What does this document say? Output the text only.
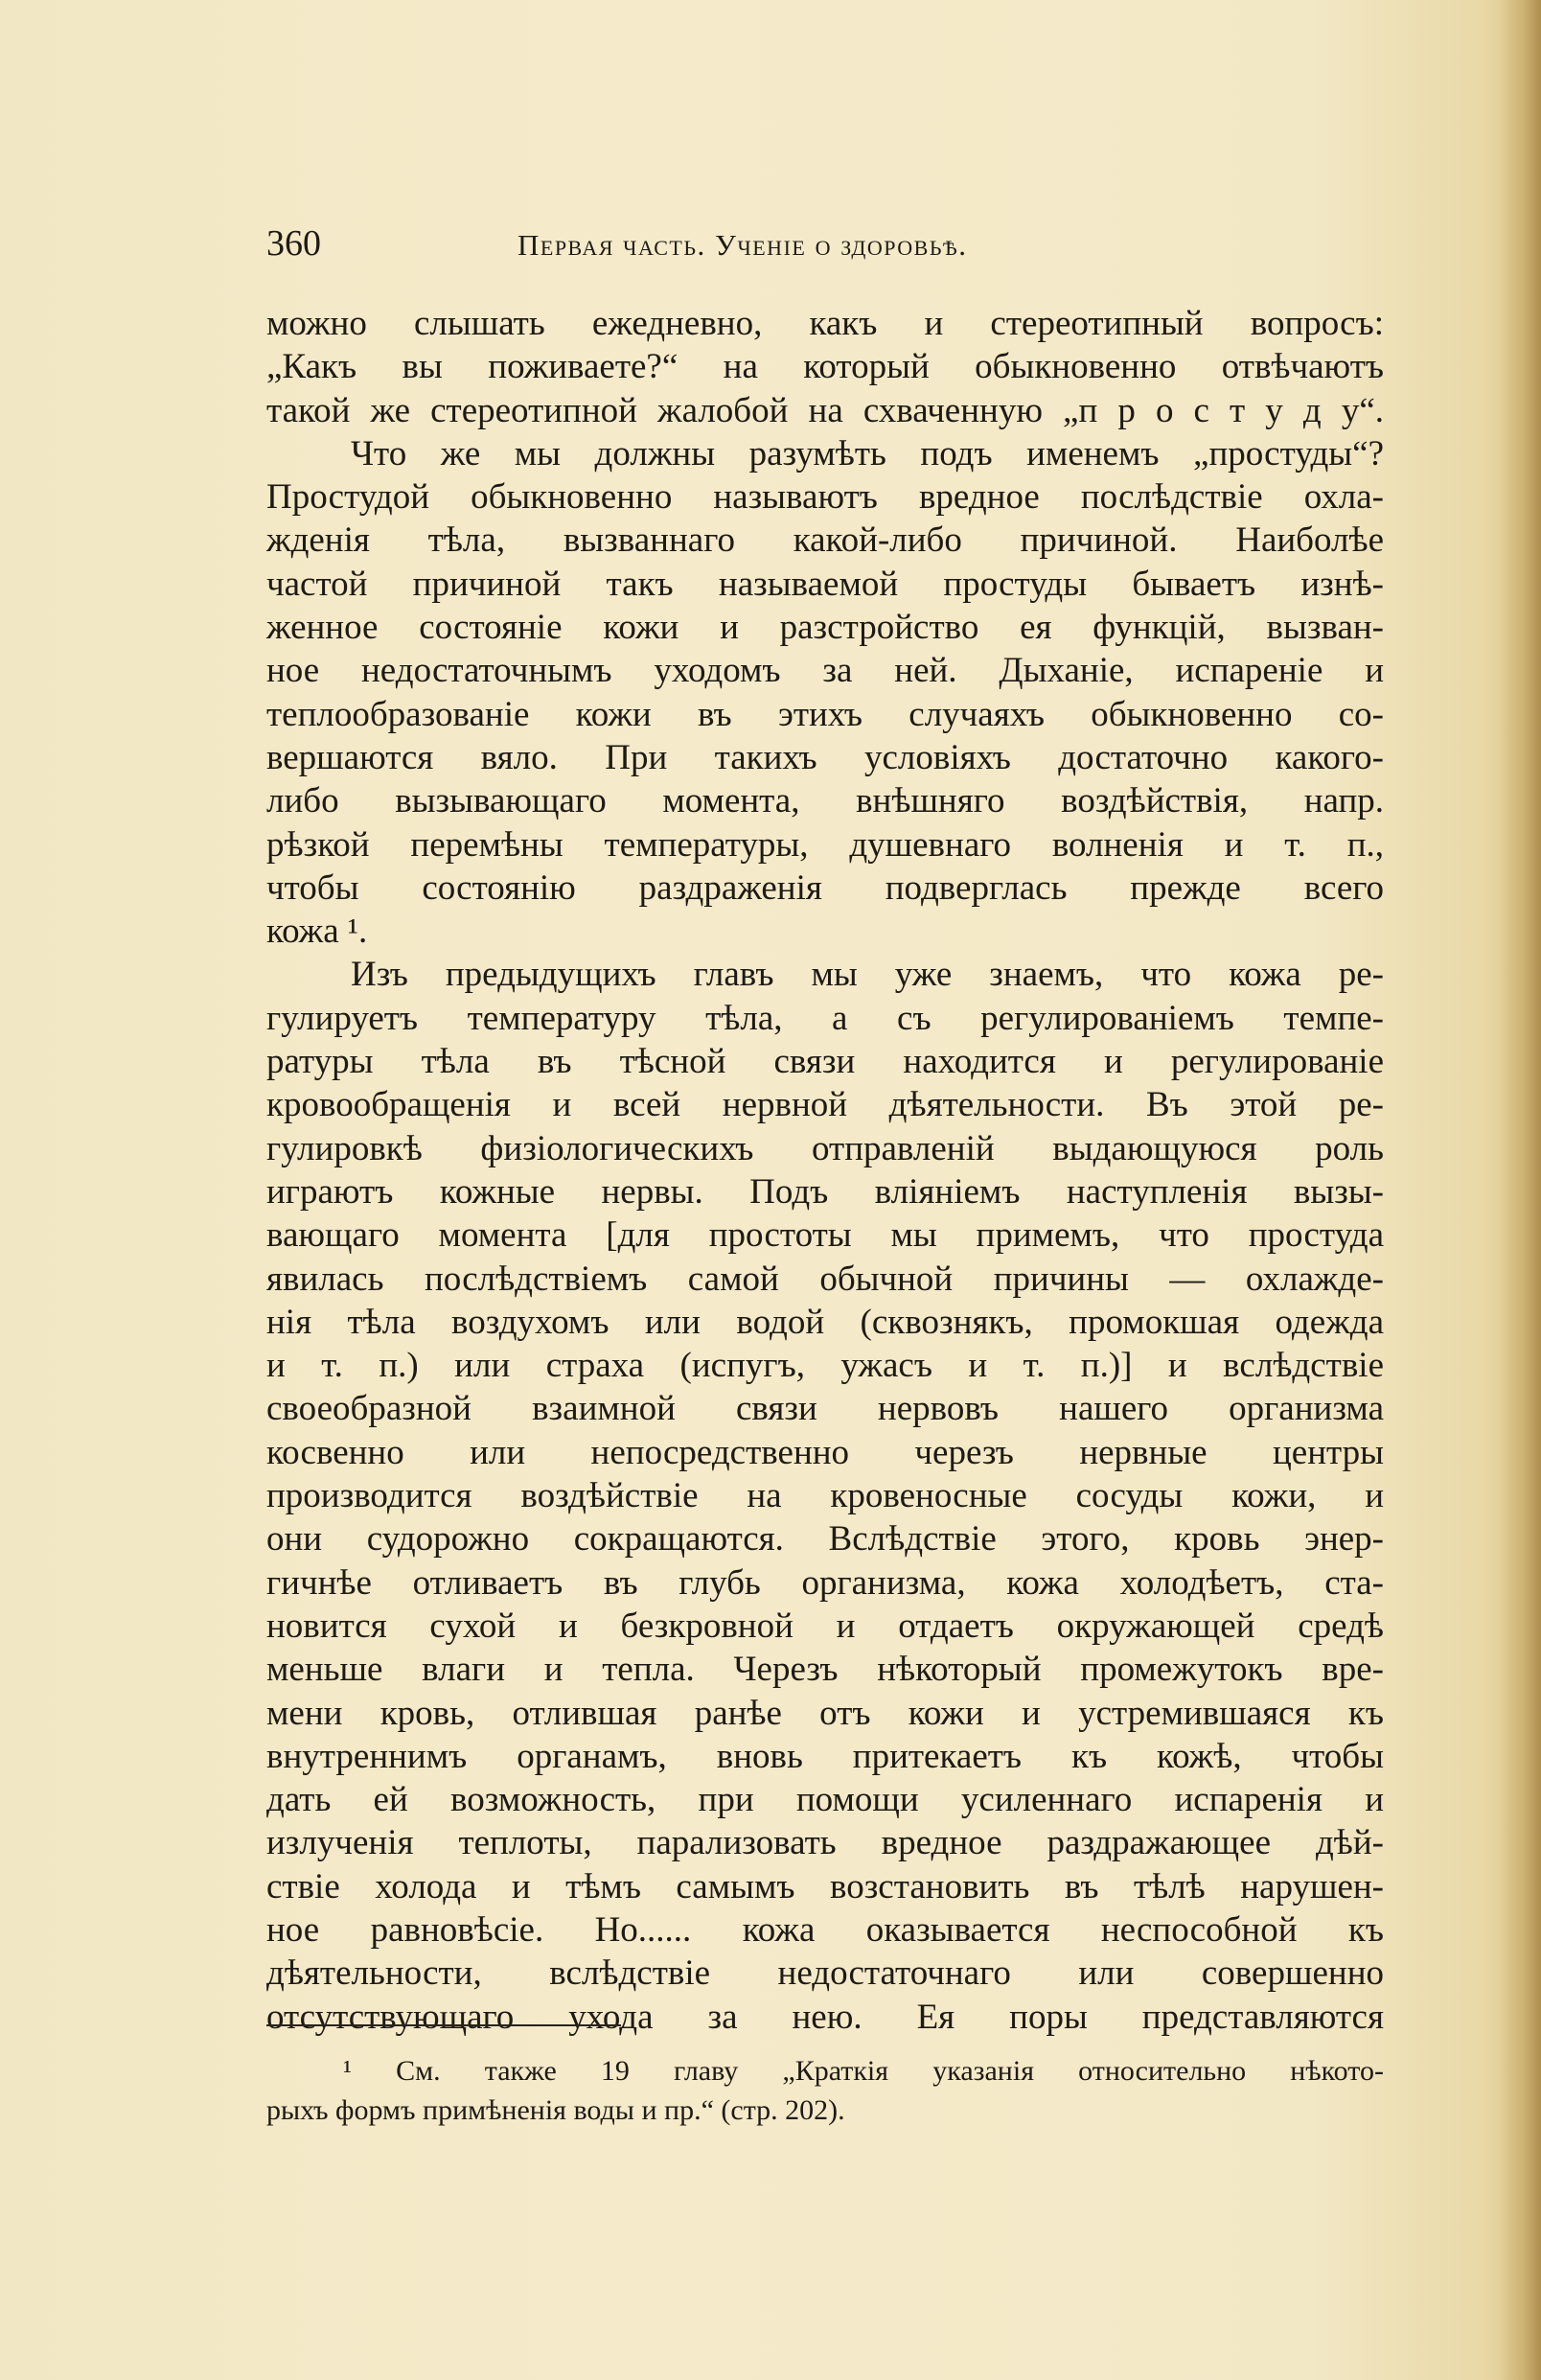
360	Первая часть. Ученіе о здоровьѣ.
можно слышать ежедневно, какъ и стереотипный вопросъ:
„Какъ вы поживаете?“ на который обыкновенно отвѣчаютъ
такой же стереотипной жалобой на схваченную „п р о с т у д у“.
Что же мы должны разумѣть подъ именемъ „простуды“?
Простудой обыкновенно называютъ вредное послѣдствіе охла-
жденія тѣла, вызваннаго какой-либо причиной. Наиболѣе
частой причиной такъ называемой простуды бываетъ изнѣ-
женное состояніе кожи и разстройство ея функцій, вызван-
ное недостаточнымъ уходомъ за ней. Дыханіе, испареніе и
теплообразованіе кожи въ этихъ случаяхъ обыкновенно со-
вершаются вяло. При такихъ условіяхъ достаточно какого-
либо вызывающаго момента, внѣшняго воздѣйствія, напр.
рѣзкой перемѣны температуры, душевнаго волненія и т. п.,
чтобы состоянію раздраженія подверглась прежде всего
кожа ¹.
Изъ предыдущихъ главъ мы уже знаемъ, что кожа ре-
гулируетъ температуру тѣла, а съ регулированіемъ темпе-
ратуры тѣла въ тѣсной связи находится и регулированіе
кровообращенія и всей нервной дѣятельности. Въ этой ре-
гулировкѣ физіологическихъ отправленій выдающуюся роль
играютъ кожные нервы. Подъ вліяніемъ наступленія вызы-
вающаго момента [для простоты мы примемъ, что простуда
явилась послѣдствіемъ самой обычной причины — охлажде-
нія тѣла воздухомъ или водой (сквознякъ, промокшая одежда
и т. п.) или страха (испугъ, ужасъ и т. п.)] и вслѣдствіе
своеобразной взаимной связи нервовъ нашего организма
косвенно или непосредственно черезъ нервные центры
производится воздѣйствіе на кровеносные сосуды кожи, и
они судорожно сокращаются. Вслѣдствіе этого, кровь энер-
гичнѣе отливаетъ въ глубь организма, кожа холодѣетъ, ста-
новится сухой и безкровной и отдаетъ окружающей средѣ
меньше влаги и тепла. Черезъ нѣкоторый промежутокъ вре-
мени кровь, отлившая ранѣе отъ кожи и устремившаяся къ
внутреннимъ органамъ, вновь притекаетъ къ кожѣ, чтобы
дать ей возможность, при помощи усиленнаго испаренія и
излученія теплоты, парализовать вредное раздражающее дѣй-
ствіе холода и тѣмъ самымъ возстановить въ тѣлѣ нарушен-
ное равновѣсіе. Но...... кожа оказывается неспособной къ
дѣятельности, вслѣдствіе недостаточнаго или совершенно
отсутствующаго ухода за нею. Ея поры представляются
¹ См. также 19 главу „Краткія указанія относительно нѣкото-
рыхъ формъ примѣненія воды и пр.“ (стр. 202).
